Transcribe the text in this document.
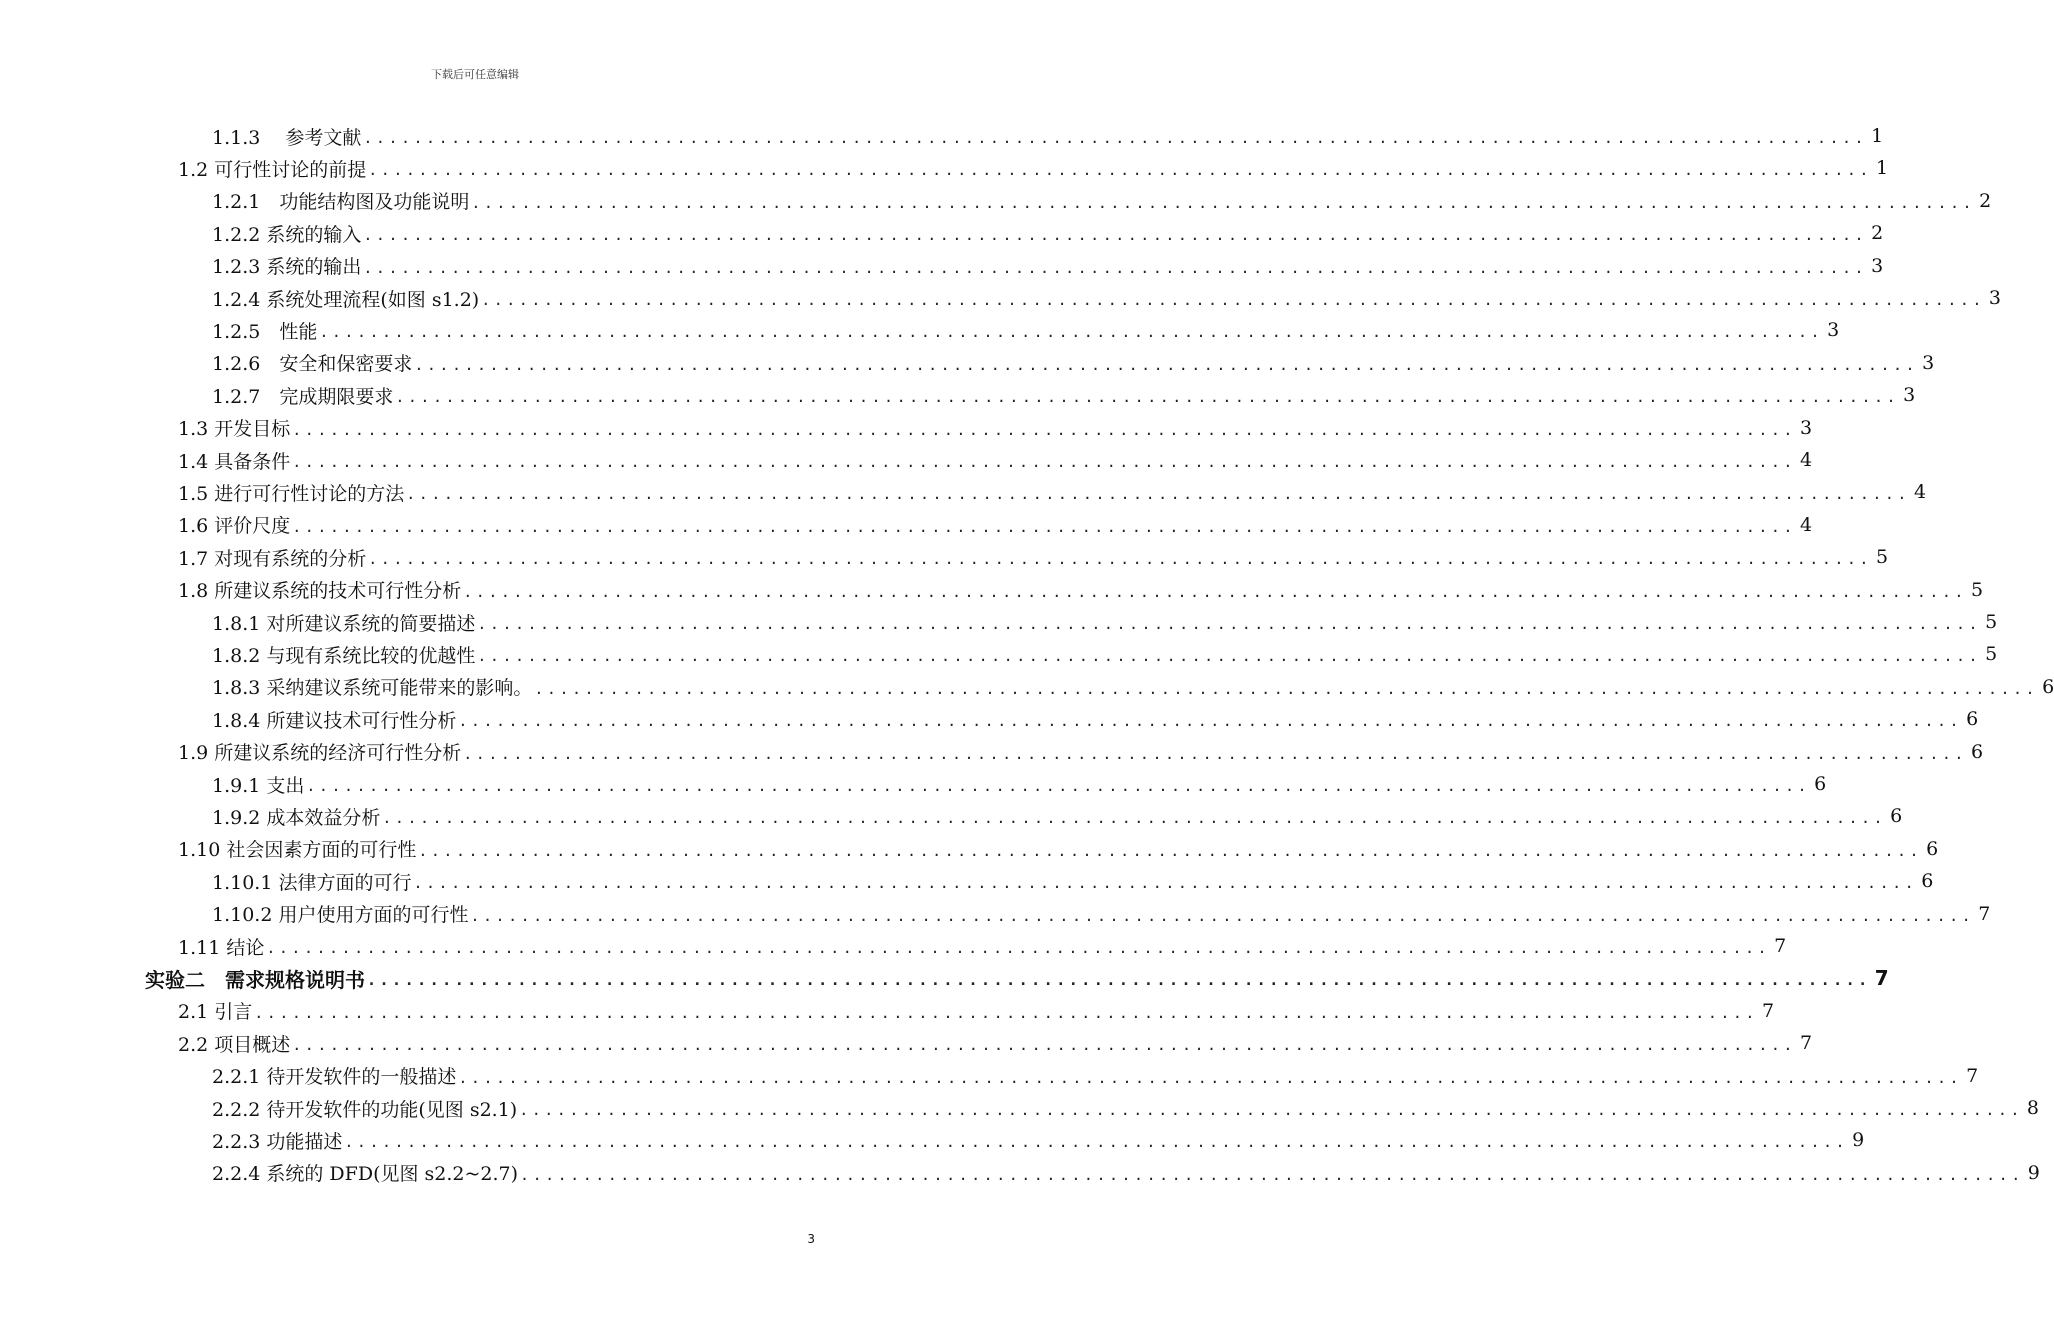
下载后可任意编辑
1.1.3　 参考文献 ........................................................................................................................ 1
1.2 可行性讨论的前提 ........................................................................................................................ 1
1.2.1　功能结构图及功能说明 ........................................................................................................................ 2
1.2.2 系统的输入 ........................................................................................................................ 2
1.2.3 系统的输出 ........................................................................................................................ 3
1.2.4 系统处理流程(如图 s1.2) ........................................................................................................................ 3
1.2.5　性能 ........................................................................................................................ 3
1.2.6　安全和保密要求 ........................................................................................................................ 3
1.2.7　完成期限要求 ........................................................................................................................ 3
1.3 开发目标 ........................................................................................................................ 3
1.4 具备条件 ........................................................................................................................ 4
1.5 进行可行性讨论的方法 ........................................................................................................................ 4
1.6 评价尺度 ........................................................................................................................ 4
1.7 对现有系统的分析 ........................................................................................................................ 5
1.8 所建议系统的技术可行性分析 ........................................................................................................................ 5
1.8.1 对所建议系统的简要描述 ........................................................................................................................ 5
1.8.2 与现有系统比较的优越性 ........................................................................................................................ 5
1.8.3 采纳建议系统可能带来的影响。 ........................................................................................................................ 6
1.8.4 所建议技术可行性分析 ........................................................................................................................ 6
1.9 所建议系统的经济可行性分析 ........................................................................................................................ 6
1.9.1 支出 ........................................................................................................................ 6
1.9.2 成本效益分析 ........................................................................................................................ 6
1.10 社会因素方面的可行性 ........................................................................................................................ 6
1.10.1 法律方面的可行 ........................................................................................................................ 6
1.10.2 用户使用方面的可行性 ........................................................................................................................ 7
1.11 结论 ........................................................................................................................ 7
实验二　需求规格说明书 ........................................................................................................................ 7
2.1 引言 ........................................................................................................................ 7
2.2 项目概述 ........................................................................................................................ 7
2.2.1 待开发软件的一般描述 ........................................................................................................................ 7
2.2.2 待开发软件的功能(见图 s2.1) ........................................................................................................................ 8
2.2.3 功能描述 ........................................................................................................................ 9
2.2.4 系统的 DFD(见图 s2.2~2.7) ........................................................................................................................ 9
3
